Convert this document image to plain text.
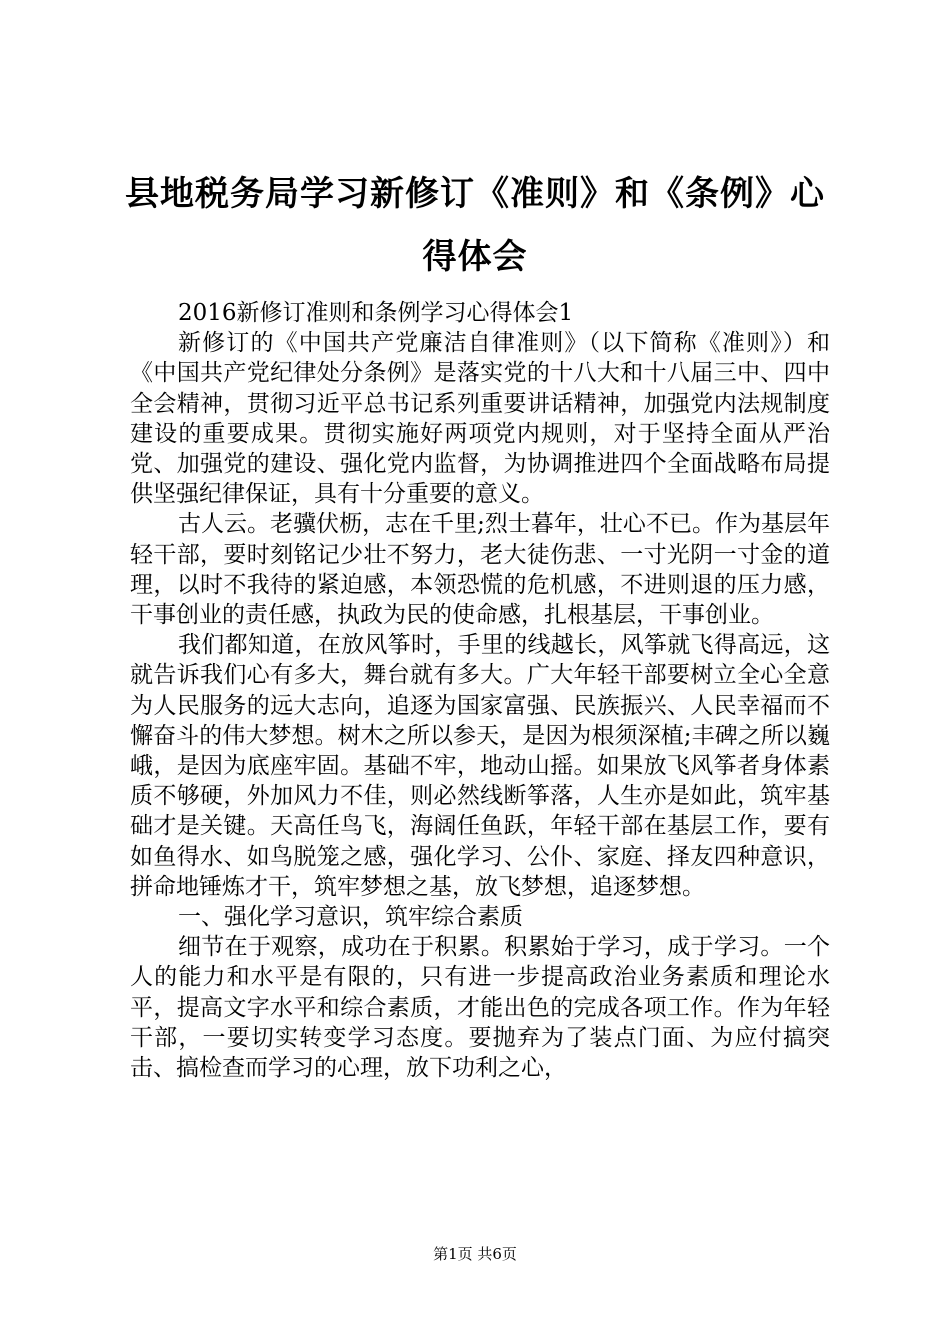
县地税务局学习新修订《准则》和《条例》心得体会

2016新修订准则和条例学习心得体会1

新修订的《中国共产党廉洁自律准则》（以下简称《准则》）和《中国共产党纪律处分条例》是落实党的十八大和十八届三中、四中全会精神，贯彻习近平总书记系列重要讲话精神，加强党内法规制度建设的重要成果。贯彻实施好两项党内规则，对于坚持全面从严治党、加强党的建设、强化党内监督，为协调推进四个全面战略布局提供坚强纪律保证，具有十分重要的意义。

古人云。老骥伏枥，志在千里;烈士暮年，壮心不已。作为基层年轻干部，要时刻铭记少壮不努力，老大徒伤悲、一寸光阴一寸金的道理，以时不我待的紧迫感，本领恐慌的危机感，不进则退的压力感，干事创业的责任感，执政为民的使命感，扎根基层，干事创业。

我们都知道，在放风筝时，手里的线越长，风筝就飞得高远，这就告诉我们心有多大，舞台就有多大。广大年轻干部要树立全心全意为人民服务的远大志向，追逐为国家富强、民族振兴、人民幸福而不懈奋斗的伟大梦想。树木之所以参天，是因为根须深植;丰碑之所以巍峨，是因为底座牢固。基础不牢，地动山摇。如果放飞风筝者身体素质不够硬，外加风力不佳，则必然线断筝落，人生亦是如此，筑牢基础才是关键。天高任鸟飞，海阔任鱼跃，年轻干部在基层工作，要有如鱼得水、如鸟脱笼之感，强化学习、公仆、家庭、择友四种意识，拼命地锤炼才干，筑牢梦想之基，放飞梦想，追逐梦想。

一、强化学习意识，筑牢综合素质

细节在于观察，成功在于积累。积累始于学习，成于学习。一个人的能力和水平是有限的，只有进一步提高政治业务素质和理论水平，提高文字水平和综合素质，才能出色的完成各项工作。作为年轻干部，一要切实转变学习态度。要抛弃为了装点门面、为应付搞突击、搞检查而学习的心理，放下功利之心，

第1页 共6页
